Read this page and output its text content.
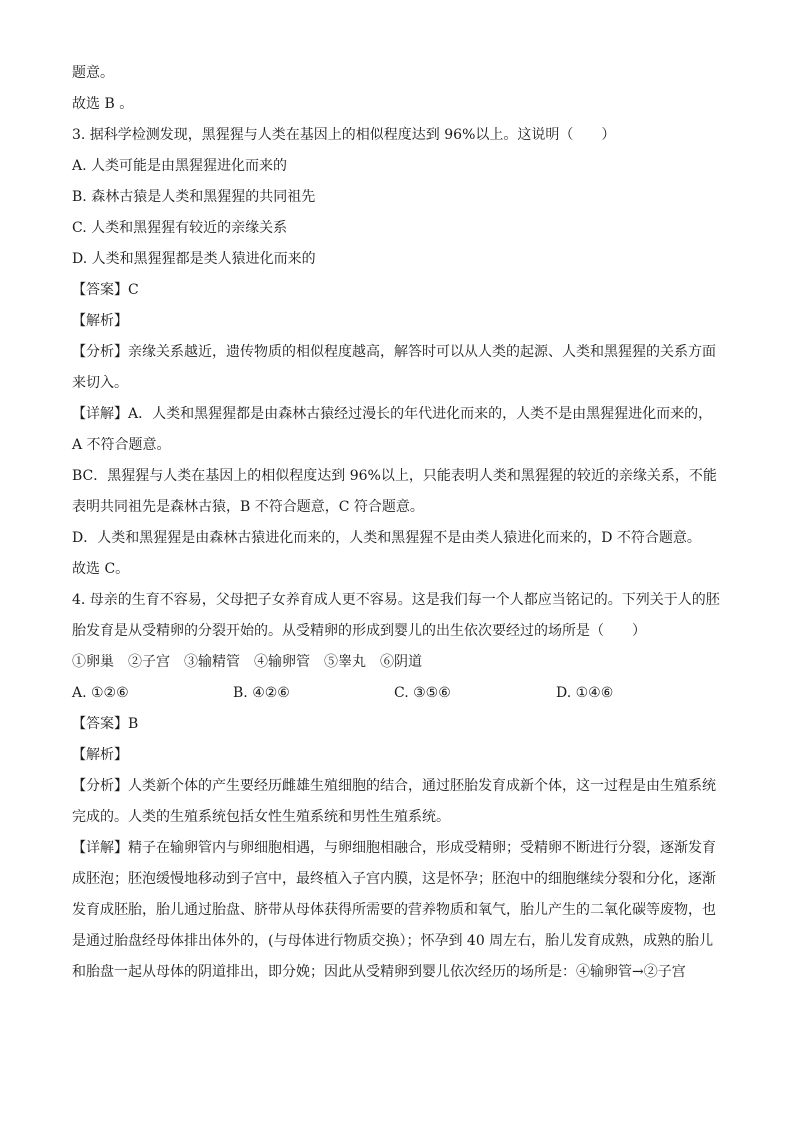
题意。
故选 B 。
3. 据科学检测发现，黑猩猩与人类在基因上的相似程度达到 96%以上。这说明（　　）
A. 人类可能是由黑猩猩进化而来的
B. 森林古猿是人类和黑猩猩的共同祖先
C. 人类和黑猩猩有较近的亲缘关系
D. 人类和黑猩猩都是类人猿进化而来的
【答案】C
【解析】
【分析】亲缘关系越近，遗传物质的相似程度越高，解答时可以从人类的起源、人类和黑猩猩的关系方面
来切入。
【详解】A．人类和黑猩猩都是由森林古猿经过漫长的年代进化而来的，人类不是由黑猩猩进化而来的，
A 不符合题意。
BC．黑猩猩与人类在基因上的相似程度达到 96%以上，只能表明人类和黑猩猩的较近的亲缘关系，不能
表明共同祖先是森林古猿，B 不符合题意，C 符合题意。
D．人类和黑猩猩是由森林古猿进化而来的，人类和黑猩猩不是由类人猿进化而来的，D 不符合题意。
故选 C。
4. 母亲的生育不容易，父母把子女养育成人更不容易。这是我们每一个人都应当铭记的。下列关于人的胚
胎发育是从受精卵的分裂开始的。从受精卵的形成到婴儿的出生依次要经过的场所是（　　）
①卵巢　②子宫　③输精管　④输卵管　⑤睾丸　⑥阴道
A. ①②⑥	B. ④②⑥	C. ③⑤⑥	D. ①④⑥
【答案】B
【解析】
【分析】人类新个体的产生要经历雌雄生殖细胞的结合，通过胚胎发育成新个体，这一过程是由生殖系统
完成的。人类的生殖系统包括女性生殖系统和男性生殖系统。
【详解】精子在输卵管内与卵细胞相遇，与卵细胞相融合，形成受精卵；受精卵不断进行分裂，逐渐发育
成胚泡；胚泡缓慢地移动到子宫中，最终植入子宫内膜，这是怀孕；胚泡中的细胞继续分裂和分化，逐渐
发育成胚胎，胎儿通过胎盘、脐带从母体获得所需要的营养物质和氧气，胎儿产生的二氧化碳等废物，也
是通过胎盘经母体排出体外的，(与母体进行物质交换）；怀孕到 40 周左右，胎儿发育成熟，成熟的胎儿
和胎盘一起从母体的阴道排出，即分娩；因此从受精卵到婴儿依次经历的场所是：④输卵管→②子宫
